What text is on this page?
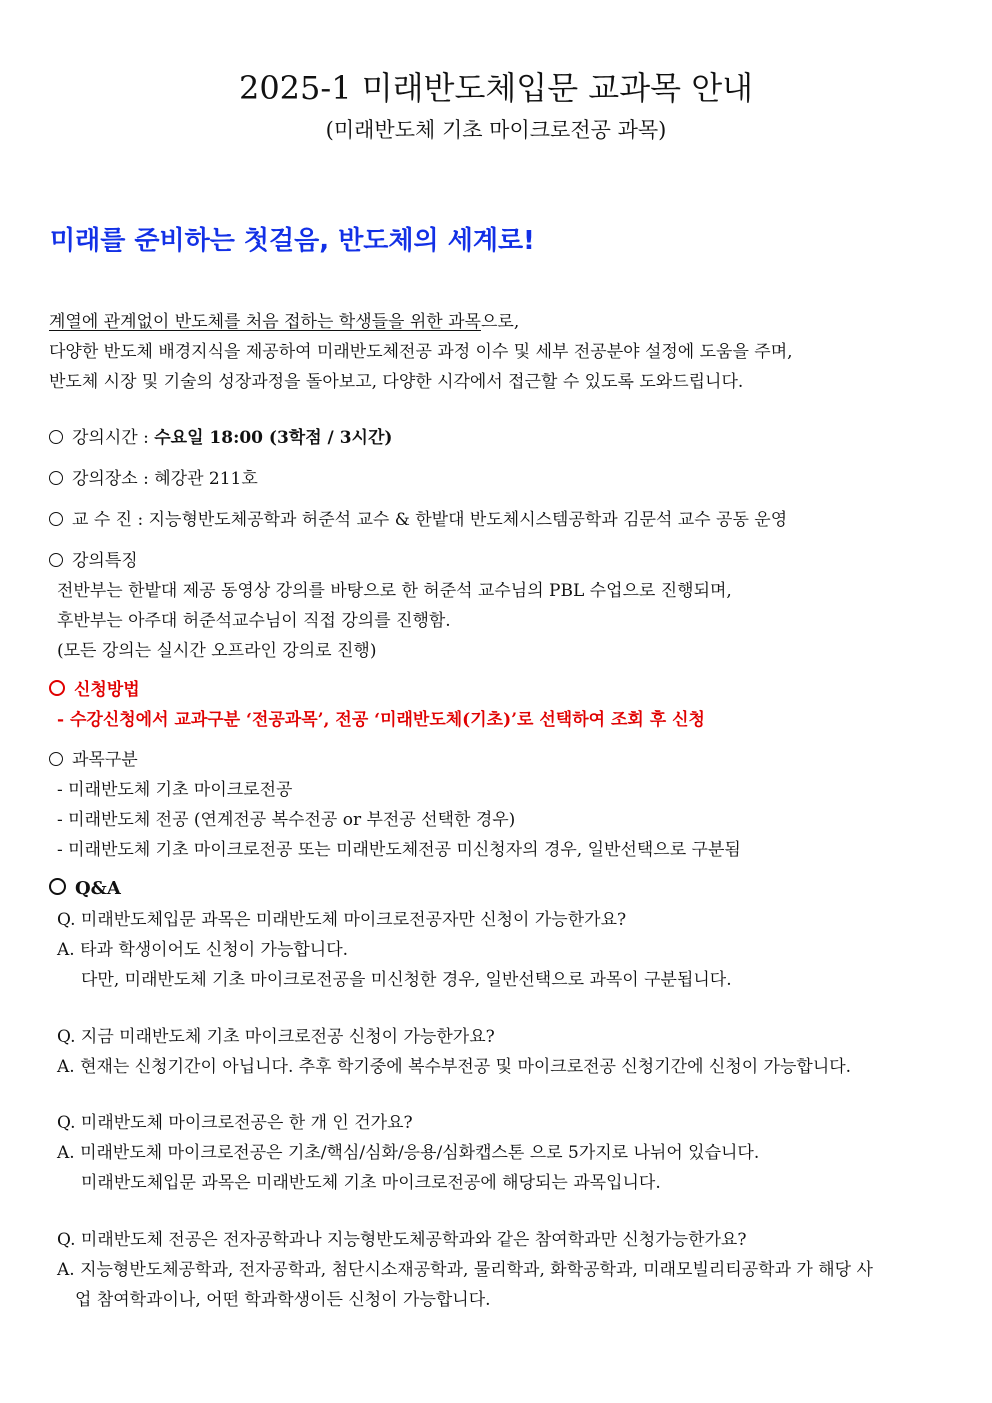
2025-1 미래반도체입문 교과목 안내
(미래반도체 기초 마이크로전공 과목)
미래를 준비하는 첫걸음, 반도체의 세계로!

계열에 관계없이 반도체를 처음 접하는 학생들을 위한 과목으로,

다양한 반도체 배경지식을 제공하여 미래반도체전공 과정 이수 및 세부 전공분야 설정에 도움을 주며,

반도체 시장 및 기술의 성장과정을 돌아보고, 다양한 시각에서 접근할 수 있도록 도와드립니다.

강의시간 : 수요일 18:00 (3학점 / 3시간)
강의장소 : 혜강관 211호
교 수 진 : 지능형반도체공학과 허준석 교수 & 한밭대 반도체시스템공학과 김문석 교수 공동 운영

강의특징

전반부는 한밭대 제공 동영상 강의를 바탕으로 한 허준석 교수님의 PBL 수업으로 진행되며,

후반부는 아주대 허준석교수님이 직접 강의를 진행함.

(모든 강의는 실시간 오프라인 강의로 진행)

신청방법

- 수강신청에서 교과구분 ‘전공과목’, 전공 ‘미래반도체(기초)’로 선택하여 조회 후 신청

과목구분

- 미래반도체 기초 마이크로전공

- 미래반도체 전공 (연계전공 복수전공 or 부전공 선택한 경우)

- 미래반도체 기초 마이크로전공 또는 미래반도체전공 미신청자의 경우, 일반선택으로 구분됨

Q&A

Q. 미래반도체입문 과목은 미래반도체 마이크로전공자만 신청이 가능한가요?

A. 타과 학생이어도 신청이 가능합니다.

다만, 미래반도체 기초 마이크로전공을 미신청한 경우, 일반선택으로 과목이 구분됩니다.

Q. 지금 미래반도체 기초 마이크로전공 신청이 가능한가요?

A. 현재는 신청기간이 아닙니다. 추후 학기중에 복수부전공 및 마이크로전공 신청기간에 신청이 가능합니다.

Q. 미래반도체 마이크로전공은 한 개 인 건가요?

A. 미래반도체 마이크로전공은 기초/핵심/심화/응용/심화캡스톤 으로 5가지로 나뉘어 있습니다.

미래반도체입문 과목은 미래반도체 기초 마이크로전공에 해당되는 과목입니다.

Q. 미래반도체 전공은 전자공학과나 지능형반도체공학과와 같은 참여학과만 신청가능한가요?

A. 지능형반도체공학과, 전자공학과, 첨단시소재공학과, 물리학과, 화학공학과, 미래모빌리티공학과 가 해당 사

업 참여학과이나, 어떤 학과학생이든 신청이 가능합니다.
